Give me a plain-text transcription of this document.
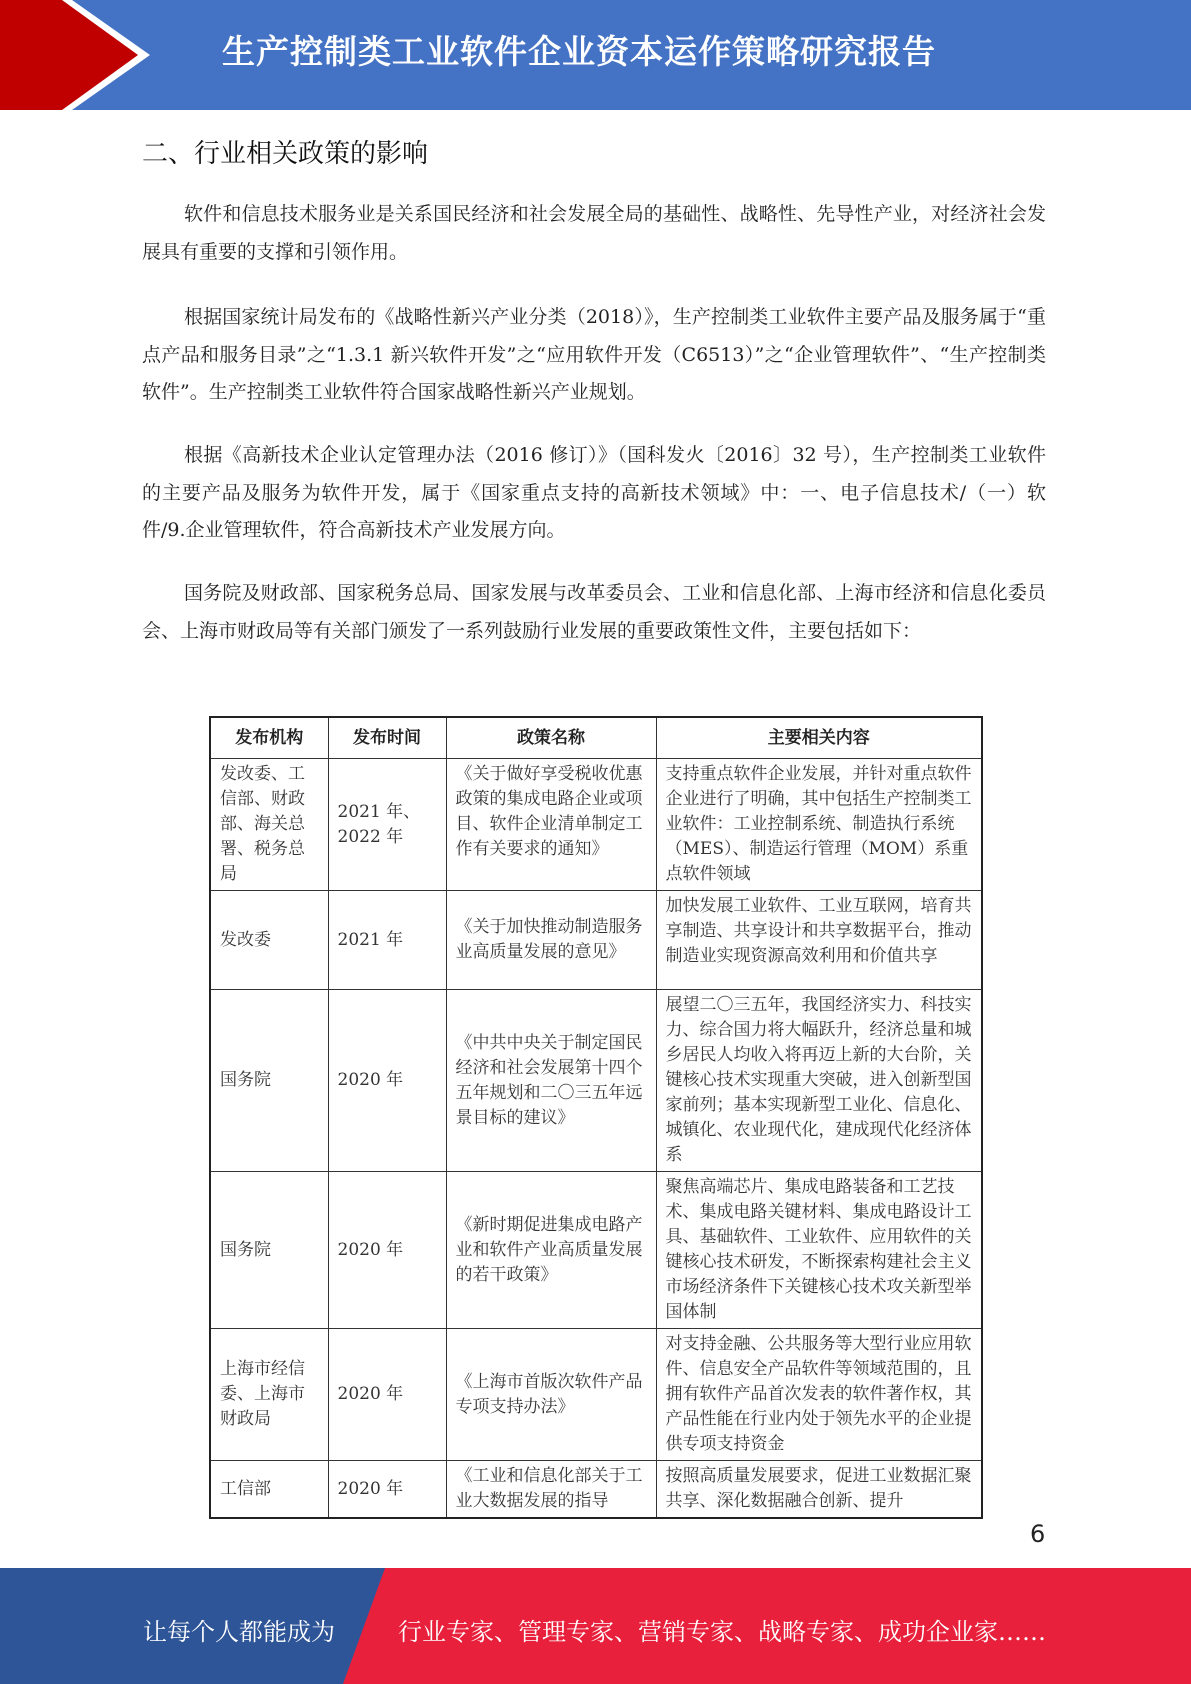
生产控制类工业软件企业资本运作策略研究报告
二、行业相关政策的影响

软件和信息技术服务业是关系国民经济和社会发展全局的基础性、战略性、先导性产业，对经济社会发展具有重要的支撑和引领作用。

根据国家统计局发布的《战略性新兴产业分类（2018）》，生产控制类工业软件主要产品及服务属于“重点产品和服务目录”之“1.3.1 新兴软件开发”之“应用软件开发（C6513）”之“企业管理软件”、“生产控制类软件”。生产控制类工业软件符合国家战略性新兴产业规划。

根据《高新技术企业认定管理办法（2016 修订）》（国科发火〔2016〕32 号），生产控制类工业软件的主要产品及服务为软件开发，属于《国家重点支持的高新技术领域》中：一、电子信息技术/（一）软件/9.企业管理软件，符合高新技术产业发展方向。

国务院及财政部、国家税务总局、国家发展与改革委员会、工业和信息化部、上海市经济和信息化委员会、上海市财政局等有关部门颁发了一系列鼓励行业发展的重要政策性文件，主要包括如下：

发布机构	发布时间	政策名称	主要相关内容
发改委、工信部、财政部、海关总署、税务总局	2021 年、2022 年	《关于做好享受税收优惠政策的集成电路企业或项目、软件企业清单制定工作有关要求的通知》	支持重点软件企业发展，并针对重点软件企业进行了明确，其中包括生产控制类工业软件：工业控制系统、制造执行系统 （MES）、制造运行管理（MOM）系重点软件领域
发改委	2021 年	《关于加快推动制造服务业高质量发展的意见》	加快发展工业软件、工业互联网，培育共享制造、共享设计和共享数据平台，推动制造业实现资源高效利用和价值共享
国务院	2020 年	《中共中央关于制定国民经济和社会发展第十四个五年规划和二〇三五年远景目标的建议》	展望二〇三五年，我国经济实力、科技实力、综合国力将大幅跃升，经济总量和城乡居民人均收入将再迈上新的大台阶，关键核心技术实现重大突破，进入创新型国家前列；基本实现新型工业化、信息化、城镇化、农业现代化，建成现代化经济体系
国务院	2020 年	《新时期促进集成电路产业和软件产业高质量发展的若干政策》	聚焦高端芯片、集成电路装备和工艺技术、集成电路关键材料、集成电路设计工具、基础软件、工业软件、应用软件的关键核心技术研发，不断探索构建社会主义市场经济条件下关键核心技术攻关新型举国体制
上海市经信委、上海市财政局	2020 年	《上海市首版次软件产品专项支持办法》	对支持金融、公共服务等大型行业应用软件、信息安全产品软件等领域范围的，且拥有软件产品首次发表的软件著作权，其产品性能在行业内处于领先水平的企业提供专项支持资金
工信部	2020 年	《工业和信息化部关于工业大数据发展的指导	按照高质量发展要求，促进工业数据汇聚共享、深化数据融合创新、提升
6
让每个人都能成为	行业专家、管理专家、营销专家、战略专家、成功企业家……
